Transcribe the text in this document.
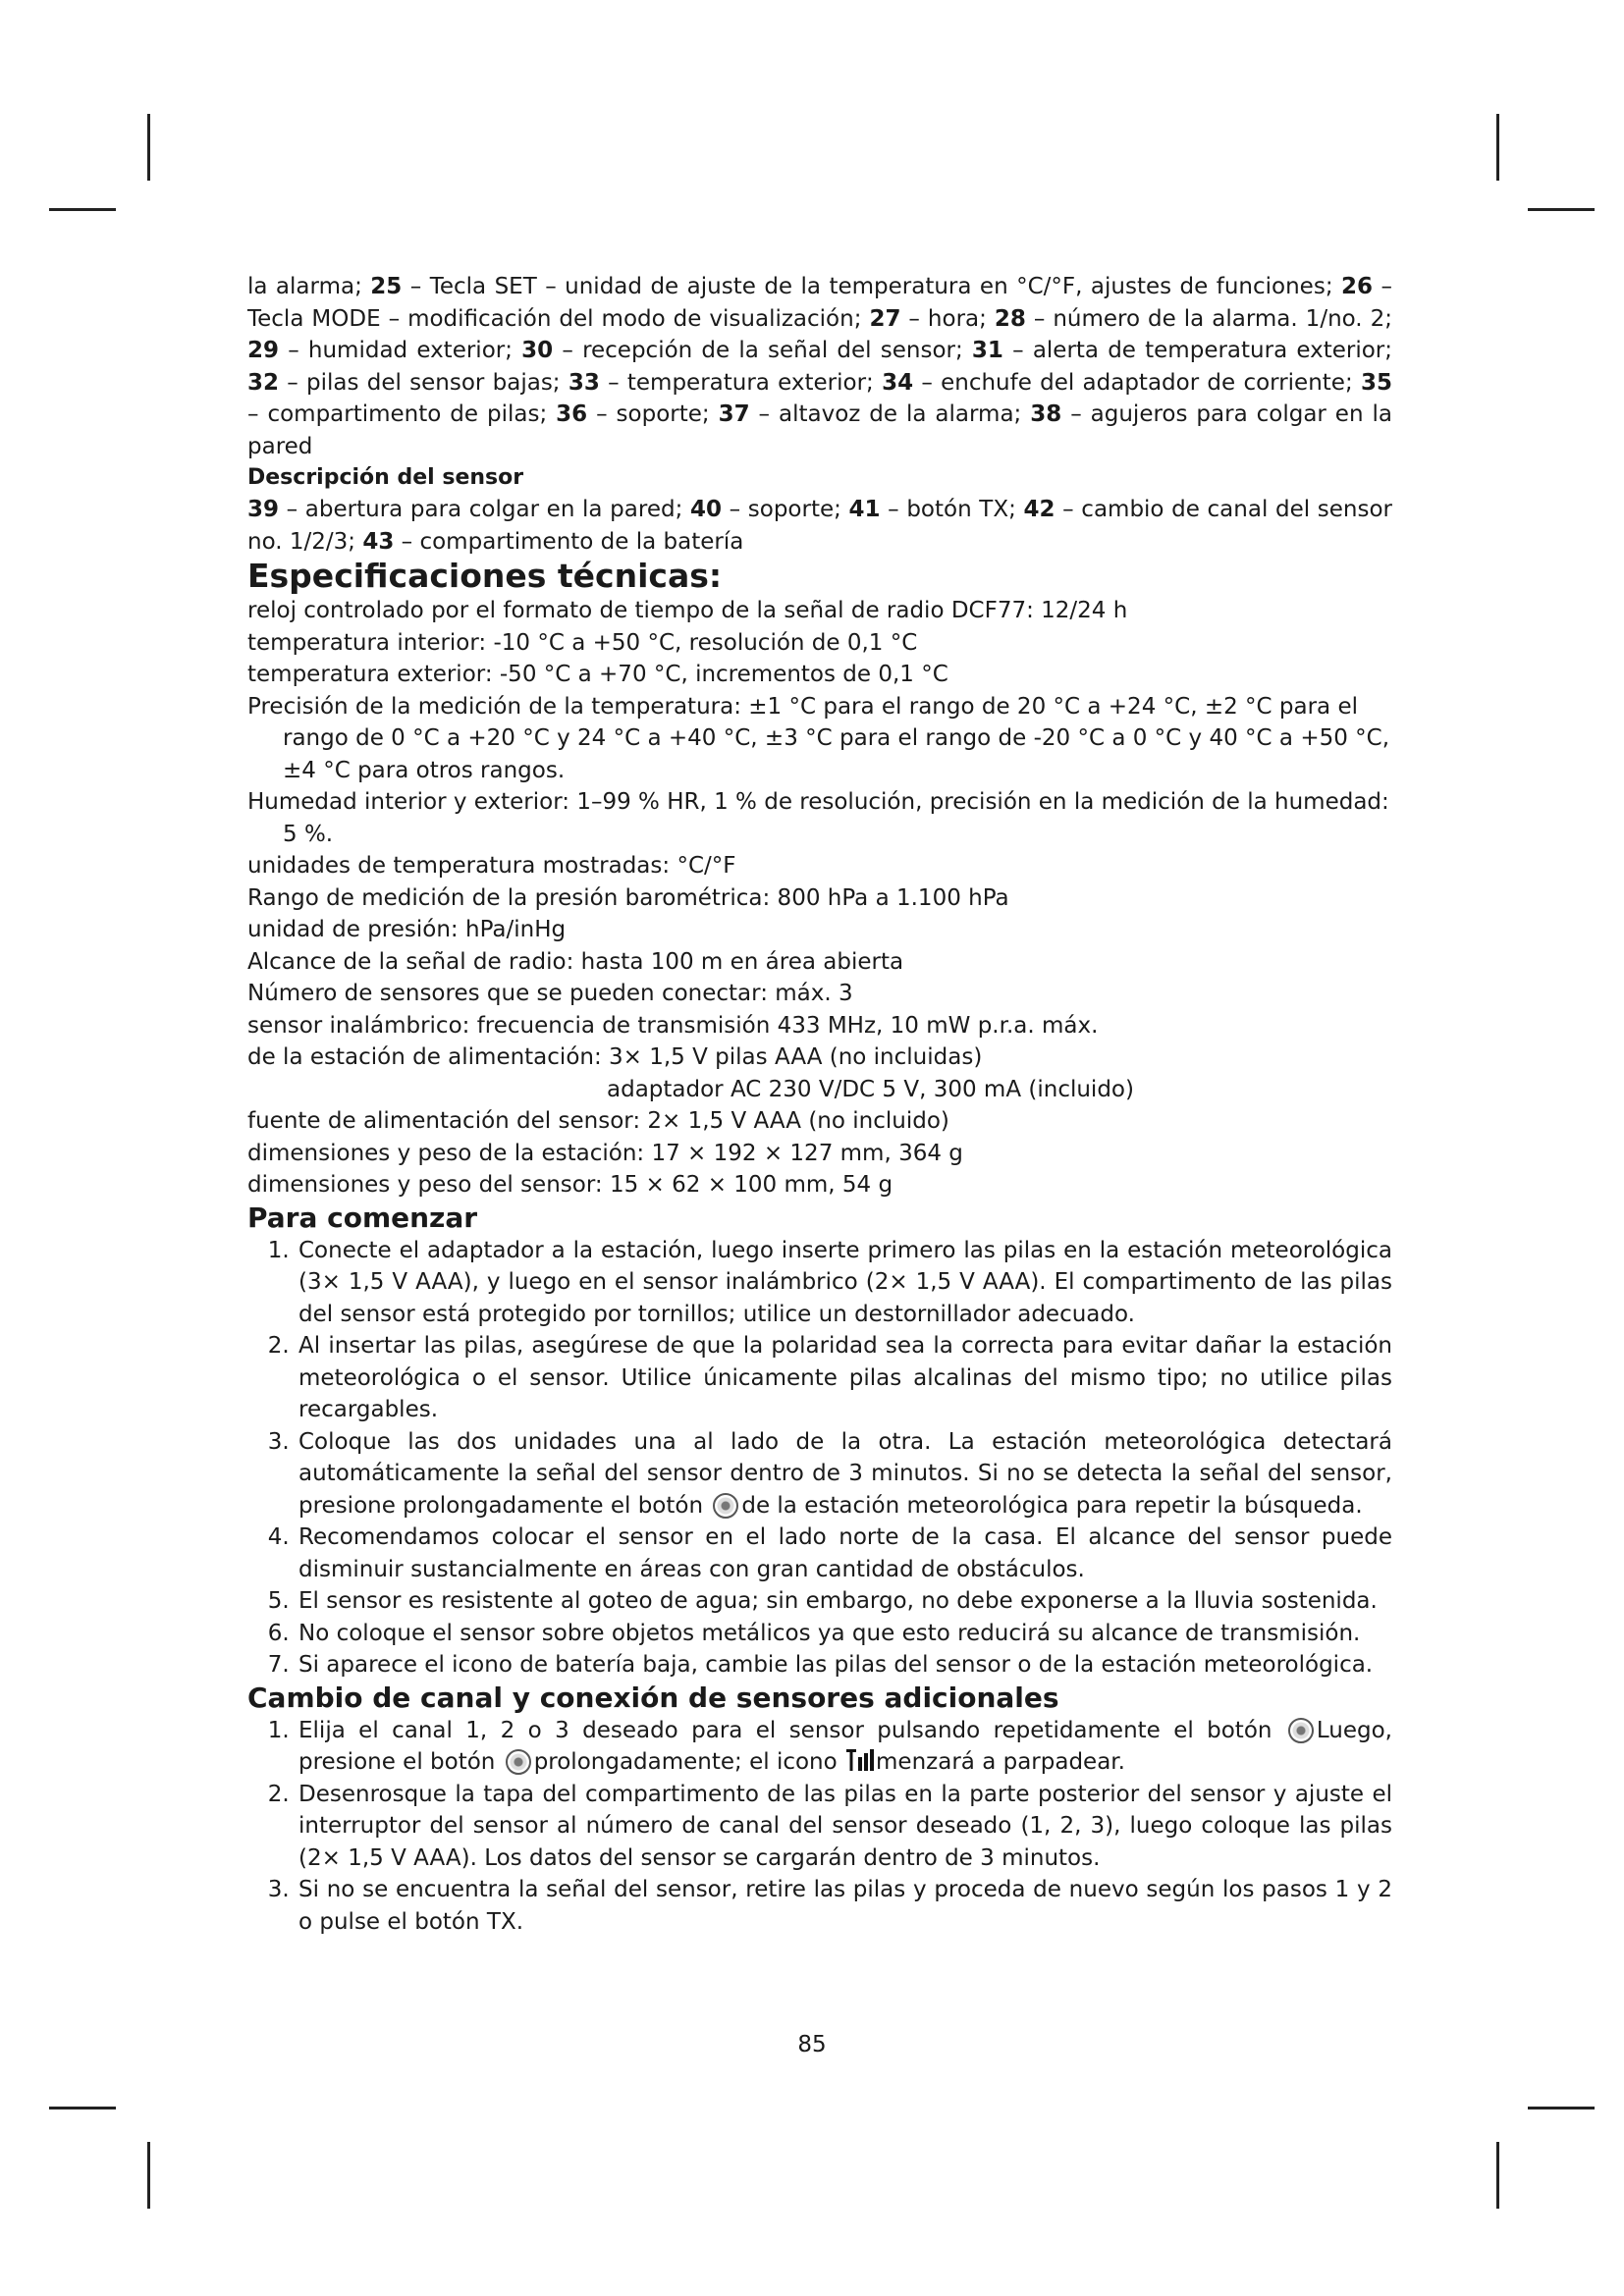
la alarma; 25 – Tecla SET – unidad de ajuste de la temperatura en °C/°F, ajustes de funciones; 26 – Tecla MODE – modificación del modo de visualización; 27 – hora; 28 – número de la alarma. 1/no. 2; 29 – humidad exterior; 30 – recepción de la señal del sensor; 31 – alerta de temperatura exterior; 32 – pilas del sensor bajas; 33 – temperatura exterior; 34 – enchufe del adaptador de corriente; 35 – compartimento de pilas; 36 – soporte; 37 – altavoz de la alarma; 38 – agujeros para colgar en la pared

Descripción del sensor

39 – abertura para colgar en la pared; 40 – soporte; 41 – botón TX; 42 – cambio de canal del sensor no. 1/2/3; 43 – compartimento de la batería

Especificaciones técnicas:

reloj controlado por el formato de tiempo de la señal de radio DCF77: 12/24 h

temperatura interior: -10 °C a +50 °C, resolución de 0,1 °C

temperatura exterior: -50 °C a +70 °C, incrementos de 0,1 °C

Precisión de la medición de la temperatura: ±1 °C para el rango de 20 °C a +24 °C, ±2 °C para el rango de 0 °C a +20 °C y 24 °C a +40 °C, ±3 °C para el rango de -20 °C a 0 °C y 40 °C a +50 °C, ±4 °C para otros rangos.

Humedad interior y exterior: 1–99 % HR, 1 % de resolución, precisión en la medición de la humedad: 5 %.

unidades de temperatura mostradas: °C/°F

Rango de medición de la presión barométrica: 800 hPa a 1.100 hPa

unidad de presión: hPa/inHg

Alcance de la señal de radio: hasta 100 m en área abierta

Número de sensores que se pueden conectar: máx. 3

sensor inalámbrico: frecuencia de transmisión 433 MHz, 10 mW p.r.a. máx.

de la estación de alimentación: 3× 1,5 V pilas AAA (no incluidas)

adaptador AC 230 V/DC 5 V, 300 mA (incluido)

fuente de alimentación del sensor: 2× 1,5 V AAA (no incluido)

dimensiones y peso de la estación: 17 × 192 × 127 mm, 364 g

dimensiones y peso del sensor: 15 × 62 × 100 mm, 54 g

Para comenzar

1. Conecte el adaptador a la estación, luego inserte primero las pilas en la estación meteorológica (3× 1,5 V AAA), y luego en el sensor inalámbrico (2× 1,5 V AAA). El compartimento de las pilas del sensor está protegido por tornillos; utilice un destornillador adecuado.
2. Al insertar las pilas, asegúrese de que la polaridad sea la correcta para evitar dañar la estación meteorológica o el sensor. Utilice únicamente pilas alcalinas del mismo tipo; no utilice pilas recargables.
3. Coloque las dos unidades una al lado de la otra. La estación meteorológica detectará automáticamente la señal del sensor dentro de 3 minutos. Si no se detecta la señal del sensor, presione prolongadamente el botón de la estación meteorológica para repetir la búsqueda.
4. Recomendamos colocar el sensor en el lado norte de la casa. El alcance del sensor puede disminuir sustancialmente en áreas con gran cantidad de obstáculos.
5. El sensor es resistente al goteo de agua; sin embargo, no debe exponerse a la lluvia sostenida.
6. No coloque el sensor sobre objetos metálicos ya que esto reducirá su alcance de transmisión.
7. Si aparece el icono de batería baja, cambie las pilas del sensor o de la estación meteorológica.

Cambio de canal y conexión de sensores adicionales

1. Elija el canal 1, 2 o 3 deseado para el sensor pulsando repetidamente el botón Luego, presione el botón prolongadamente; el icono menzará a parpadear.
2. Desenrosque la tapa del compartimento de las pilas en la parte posterior del sensor y ajuste el interruptor del sensor al número de canal del sensor deseado (1, 2, 3), luego coloque las pilas (2× 1,5 V AAA). Los datos del sensor se cargarán dentro de 3 minutos.
3. Si no se encuentra la señal del sensor, retire las pilas y proceda de nuevo según los pasos 1 y 2 o pulse el botón TX.
85
